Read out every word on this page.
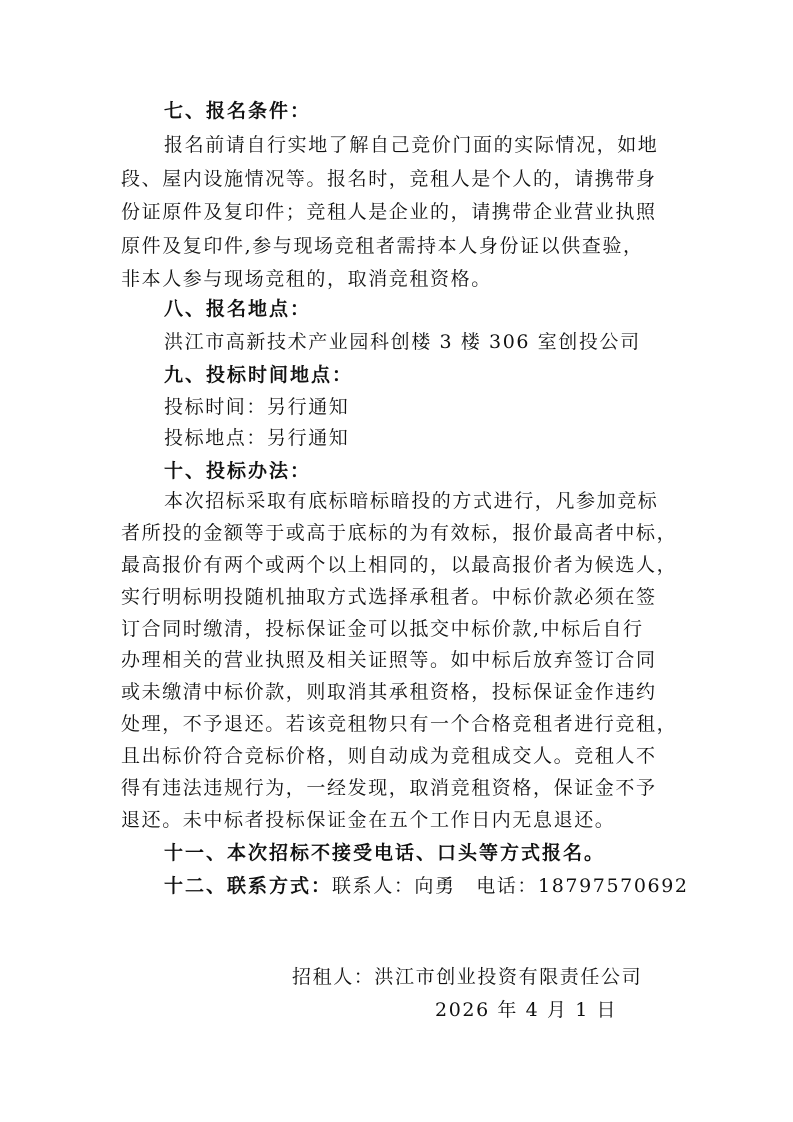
七、报名条件：
报名前请自行实地了解自己竞价门面的实际情况，如地
段、屋内设施情况等。报名时，竞租人是个人的，请携带身
份证原件及复印件；竞租人是企业的，请携带企业营业执照
原件及复印件,参与现场竞租者需持本人身份证以供查验，
非本人参与现场竞租的，取消竞租资格。
八、报名地点：
洪江市高新技术产业园科创楼 3 楼 306 室创投公司
九、投标时间地点：
投标时间：另行通知
投标地点：另行通知
十、投标办法：
本次招标采取有底标暗标暗投的方式进行，凡参加竞标
者所投的金额等于或高于底标的为有效标，报价最高者中标，
最高报价有两个或两个以上相同的，以最高报价者为候选人，
实行明标明投随机抽取方式选择承租者。中标价款必须在签
订合同时缴清，投标保证金可以抵交中标价款,中标后自行
办理相关的营业执照及相关证照等。如中标后放弃签订合同
或未缴清中标价款，则取消其承租资格，投标保证金作违约
处理，不予退还。若该竞租物只有一个合格竞租者进行竞租，
且出标价符合竞标价格，则自动成为竞租成交人。竞租人不
得有违法违规行为，一经发现，取消竞租资格，保证金不予
退还。未中标者投标保证金在五个工作日内无息退还。
十一、本次招标不接受电话、口头等方式报名。
十二、联系方式：联系人：向勇　电话：18797570692
招租人：洪江市创业投资有限责任公司
2026 年 4 月 1 日
